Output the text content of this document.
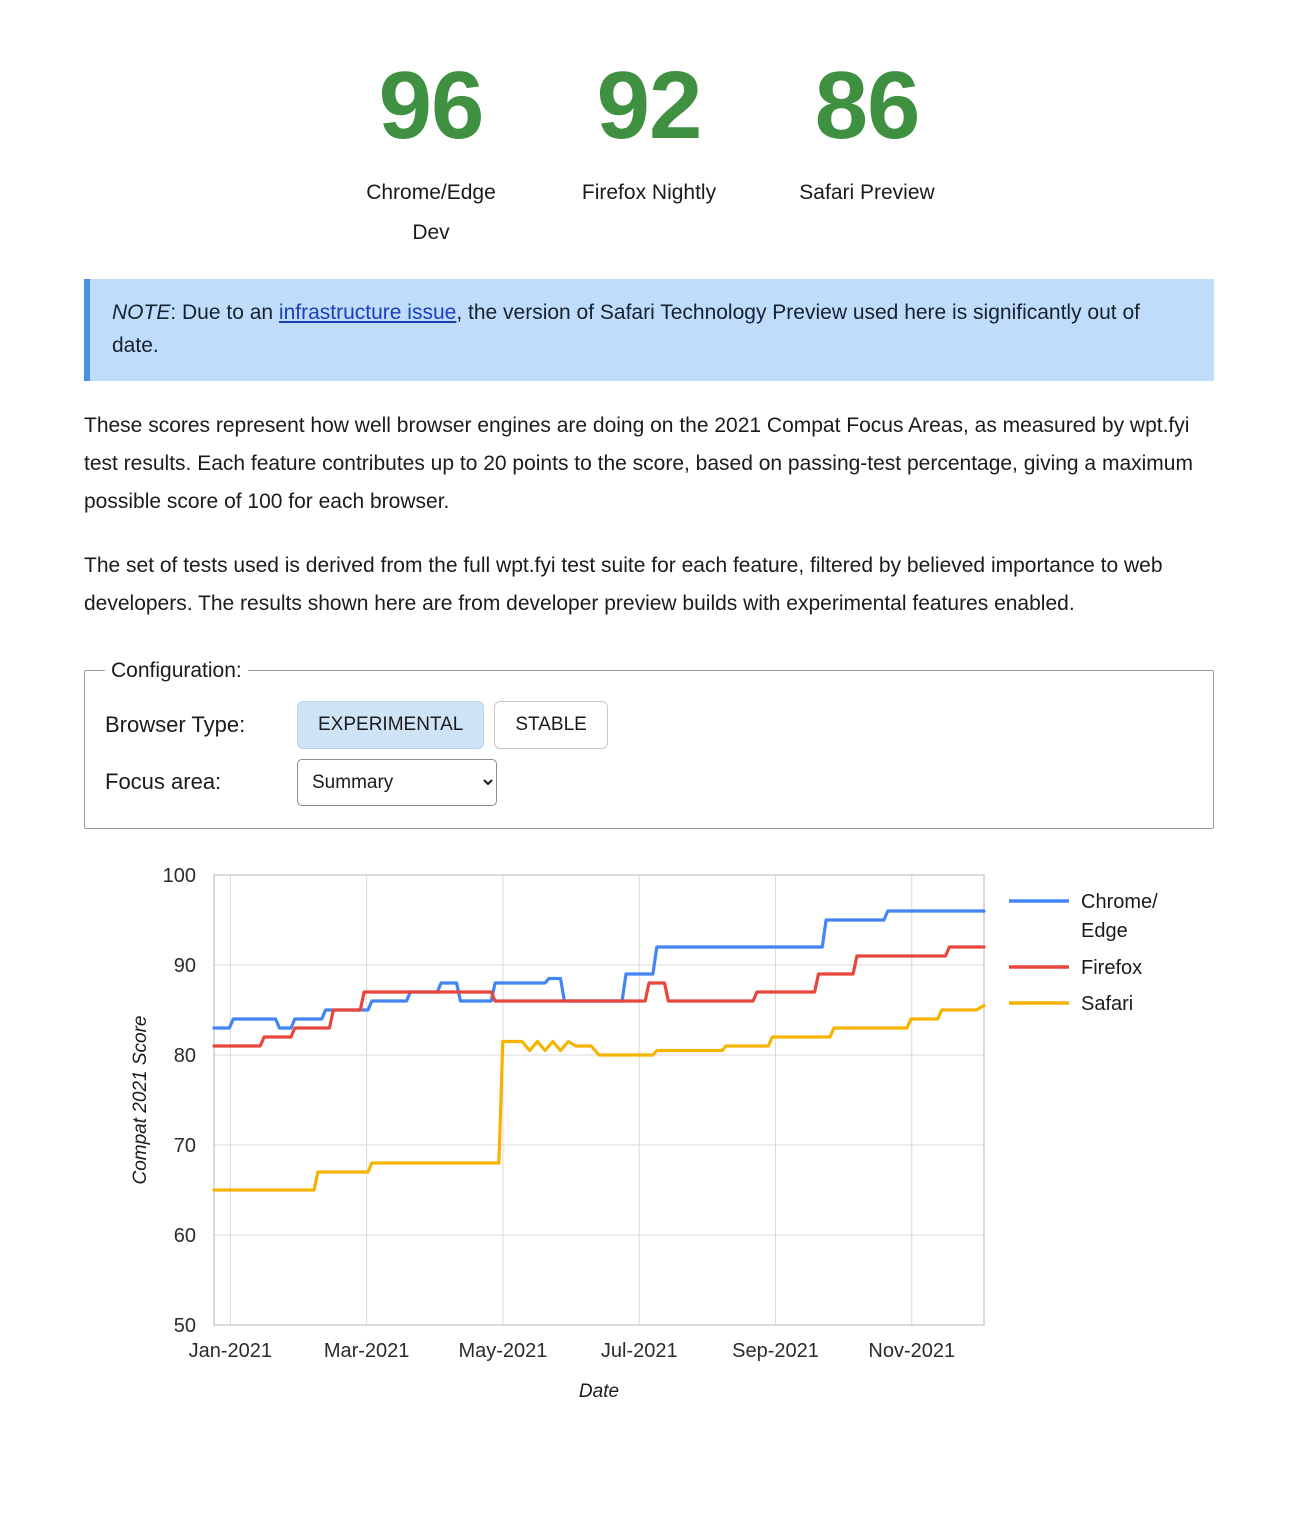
96
Chrome/Edge Dev
92
Firefox Nightly
86
Safari Preview
NOTE: Due to an infrastructure issue, the version of Safari Technology Preview used here is significantly out of date.

These scores represent how well browser engines are doing on the 2021 Compat Focus Areas, as measured by wpt.fyi test results. Each feature contributes up to 20 points to the score, based on passing-test percentage, giving a maximum possible score of 100 for each browser.

The set of tests used is derived from the full wpt.fyi test suite for each feature, filtered by believed importance to web developers. The results shown here are from developer preview builds with experimental features enabled.

Configuration:
Browser Type:	EXPERIMENTAL	STABLE
Focus area:
Summary
50
60
70
80
90
100
Jan-2021	Mar-2021 May-2021	Jul-2021	Sep-2021 Nov-2021
Date
Compat 2021 Score
Chrome/
Edge
Firefox
Safari
